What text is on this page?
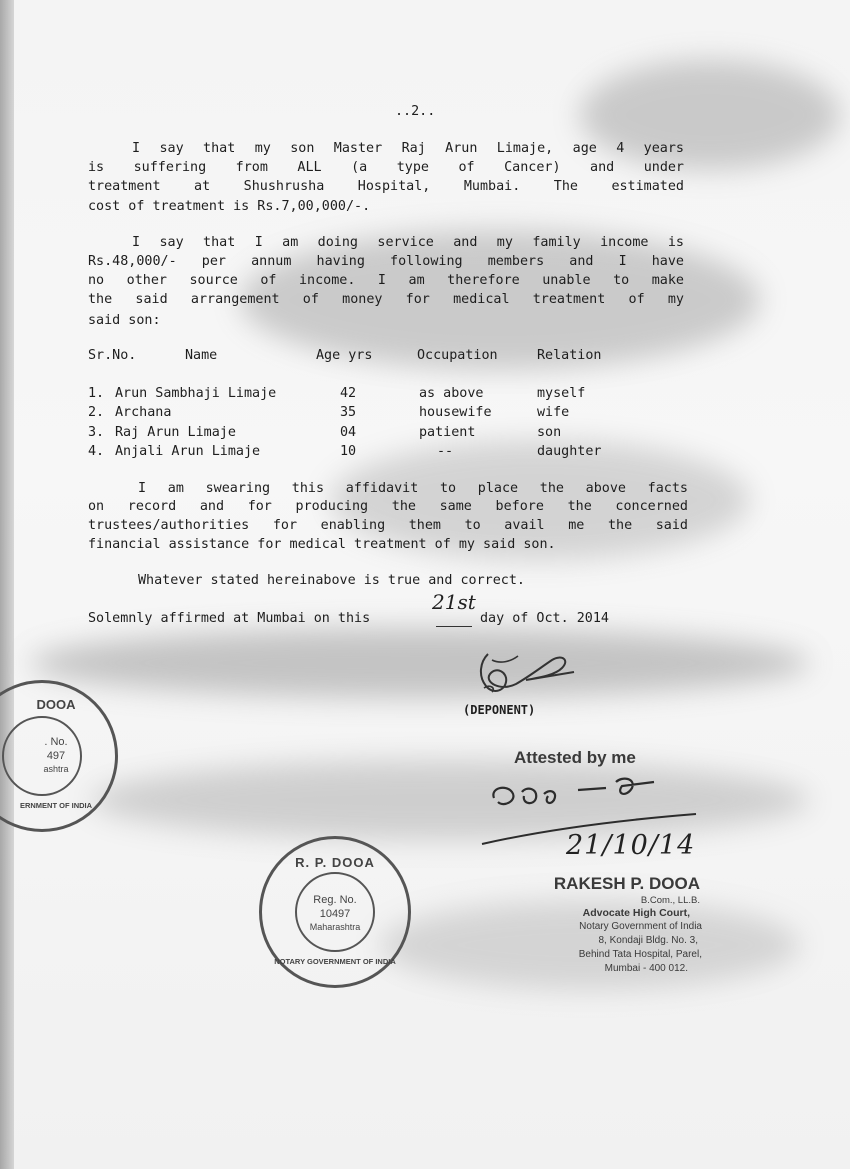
..2..
I say that my son Master Raj Arun Limaje, age 4 years
is suffering from ALL (a type of Cancer) and under
treatment at Shushrusha Hospital, Mumbai. The estimated
cost of treatment is Rs.7,00,000/-.
I say that I am doing service and my family income is
Rs.48,000/- per annum having following members and I have
no other source of income. I am therefore unable to make
the said arrangement of money for medical treatment of my
said son:
Sr.No.	Name	Age yrs	Occupation	Relation
1. Arun Sambhaji Limaje	42	as above	myself
2. Archana	35	housewife	wife
3. Raj Arun Limaje	04	patient	son
4. Anjali Arun Limaje	10	--	daughter
I am swearing this affidavit to place the above facts
on record and for producing the same before the concerned
trustees/authorities for enabling them to avail me the said
financial assistance for medical treatment of my said son.
Whatever stated hereinabove is true and correct.
Solemnly affirmed at Mumbai on this
21st
day of Oct. 2014
(DEPONENT)
Attested by me
21/10/14
RAKESH P. DOOA
B.Com., LL.B.
Advocate High Court,
Notary Government of India
8, Kondaji Bldg. No. 3,
Behind Tata Hospital, Parel,
Mumbai - 400 012.
R. P. DOOA
Reg. No.
10497
Maharashtra
NOTARY GOVERNMENT OF INDIA
DOOA
. No.
497
ashtra
ERNMENT OF INDIA
